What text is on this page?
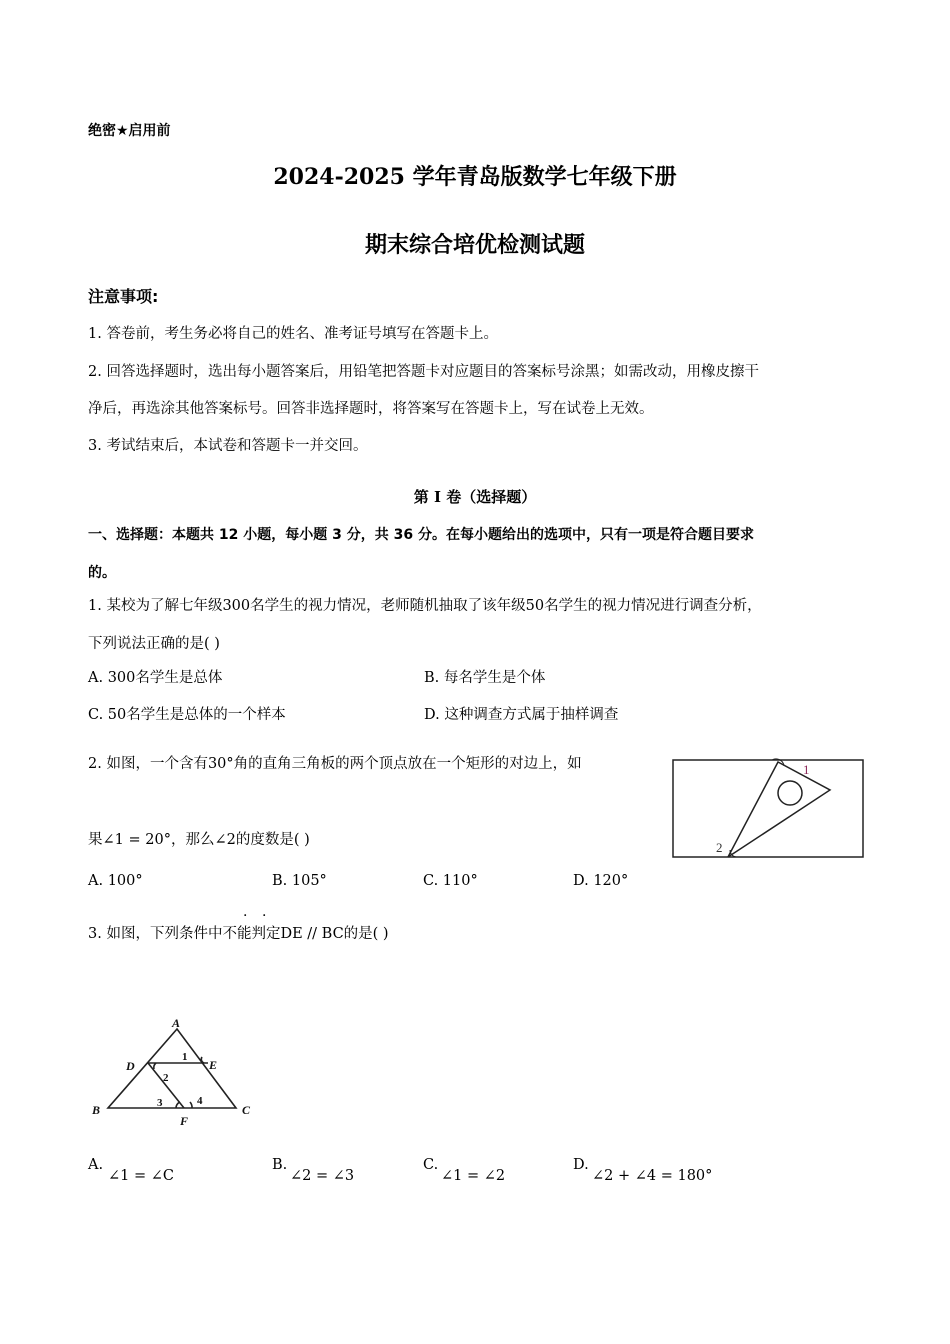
绝密★启用前
2024-2025 学年青岛版数学七年级下册
期末综合培优检测试题
注意事项:
1. 答卷前，考生务必将自己的姓名、准考证号填写在答题卡上。
2. 回答选择题时，选出每小题答案后，用铅笔把答题卡对应题目的答案标号涂黑；如需改动，用橡皮擦干
净后，再选涂其他答案标号。回答非选择题时，将答案写在答题卡上，写在试卷上无效。
3. 考试结束后，本试卷和答题卡一并交回。
第 I 卷（选择题）
一、选择题：本题共 12 小题，每小题 3 分，共 36 分。在每小题给出的选项中，只有一项是符合题目要求
的。
1. 某校为了解七年级300名学生的视力情况，老师随机抽取了该年级50名学生的视力情况进行调查分析，
下列说法正确的是( )
A. 300名学生是总体	B. 每名学生是个体
C. 50名学生是总体的一个样本	D. 这种调查方式属于抽样调查
2. 如图，一个含有30°角的直角三角板的两个顶点放在一个矩形的对边上，如
果∠1 = 20°，那么∠2的度数是( )
1
2
A. 100°	B. 105°	C. 110°	D. 120°
· ·
3. 如图，下列条件中不能判定DE // BC的是( )
A
D	E
B
F
C
1
2
3	4
A.
∠1 = ∠C
B.
∠2 = ∠3
C.
∠1 = ∠2
D.
∠2 + ∠4 = 180°
